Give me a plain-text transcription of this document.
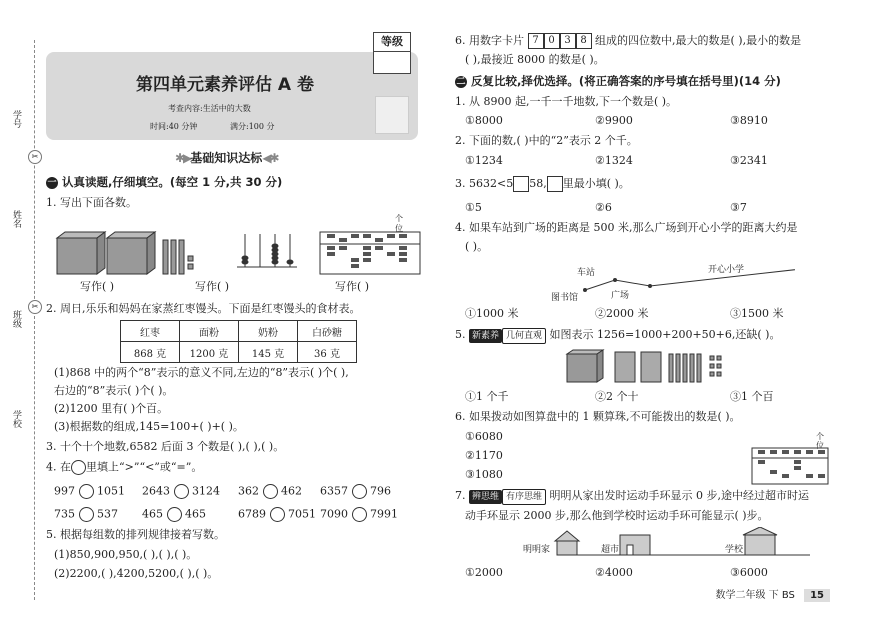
学号
姓名
班级
学校
✂
✂
等级
第四单元素养评估 A 卷
考查内容:生活中的大数
时间:40 分钟	满分:100 分
✱▶基础知识达标◀✱
一 认真读题,仔细填空。(每空 1 分,共 30 分)
1. 写出下面各数。
个
位
写作( )	写作( )	写作( )
2. 周日,乐乐和妈妈在家蒸红枣馒头。下面是红枣馒头的食材表。
红枣	面粉	奶粉	白砂糖
868 克	1200 克	145 克	36 克
(1)868 中的两个“8”表示的意义不同,左边的“8”表示( )个( ),
右边的“8”表示( )个( )。
(2)1200 里有( )个百。
(3)根据数的组成,145=100+( )+( )。
3. 十个十个地数,6582 后面 3 个数是( ),( ),( )。
4. 在 里填上“>”“<”或“=”。
997 1051 2643 3124 362 462 6357 796
735 537 465 465	6789 7051 7090 7991
5. 根据每组数的排列规律接着写数。
(1)850,900,950,( ),( ),( )。
(2)2200,( ),4200,5200,( ),( )。
6. 用数字卡片 7 0 3 8 组成的四位数中,最大的数是( ),最小的数是
( ),最接近 8000 的数是( )。
二 反复比较,择优选择。(将正确答案的序号填在括号里)(14 分)
1. 从 8900 起,一千一千地数,下一个数是( )。
①8000	②9900	③8910
2. 下面的数,( )中的“2”表示 2 个千。
①1234	②1324	③2341
3. 5632<5 58, 里最小填( )。
①5	②6	③7
4. 如果车站到广场的距离是 500 米,那么广场到开心小学的距离大约是
( )。
车站	开心小学
图书馆	广场
①1000 米	②2000 米	③1500 米
5. 新素养 几何直观 如图表示 1256=1000+200+50+6,还缺( )。
①1 个千	②2 个十	③1 个百
6. 如果拨动如图算盘中的 1 颗算珠,不可能拨出的数是( )。
①6080
②1170
③1080
个
位
7. 辨思维 有序思维 明明从家出发时运动手环显示 0 步,途中经过超市时运
动手环显示 2000 步,那么他到学校时运动手环可能显示( )步。
明明家	超市	学校
①2000	②4000	③6000
数学二年级 下 BS 15
